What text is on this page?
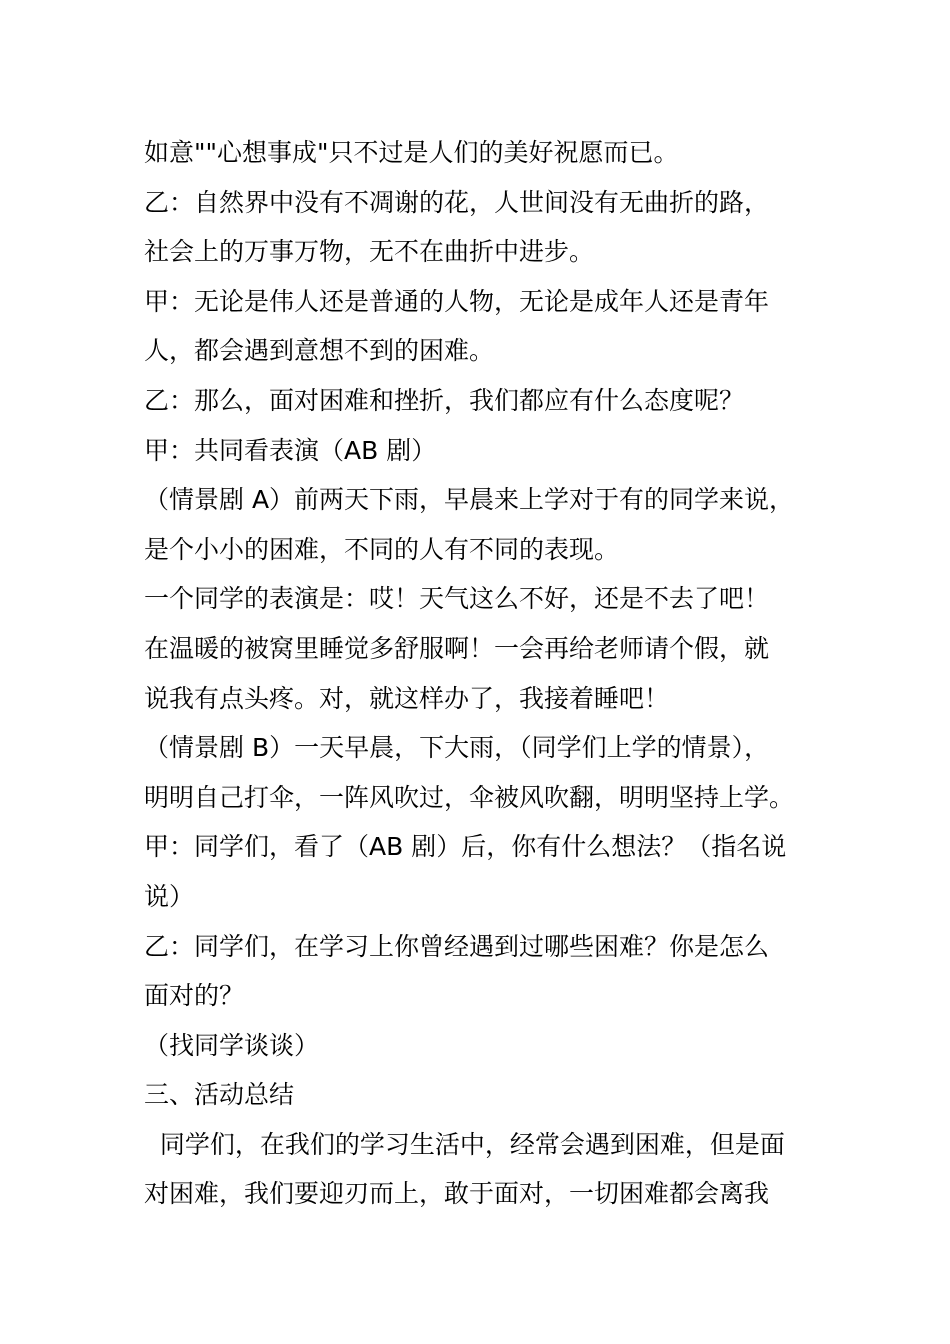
如意""心想事成"只不过是人们的美好祝愿而已。
乙：自然界中没有不凋谢的花，人世间没有无曲折的路，
社会上的万事万物，无不在曲折中进步。
甲：无论是伟人还是普通的人物，无论是成年人还是青年
人，都会遇到意想不到的困难。
乙：那么，面对困难和挫折，我们都应有什么态度呢？
甲：共同看表演（AB 剧）
（情景剧 A）前两天下雨，早晨来上学对于有的同学来说，
是个小小的困难，不同的人有不同的表现。
一个同学的表演是：哎！天气这么不好，还是不去了吧！
在温暖的被窝里睡觉多舒服啊！一会再给老师请个假，就
说我有点头疼。对，就这样办了，我接着睡吧！
（情景剧 B）一天早晨，下大雨，（同学们上学的情景），
明明自己打伞，一阵风吹过，伞被风吹翻，明明坚持上学。
甲：同学们，看了（AB 剧）后，你有什么想法？（指名说
说）
乙：同学们，在学习上你曾经遇到过哪些困难？你是怎么
面对的？
（找同学谈谈）
三、活动总结
同学们，在我们的学习生活中，经常会遇到困难，但是面
对困难，我们要迎刃而上，敢于面对，一切困难都会离我
